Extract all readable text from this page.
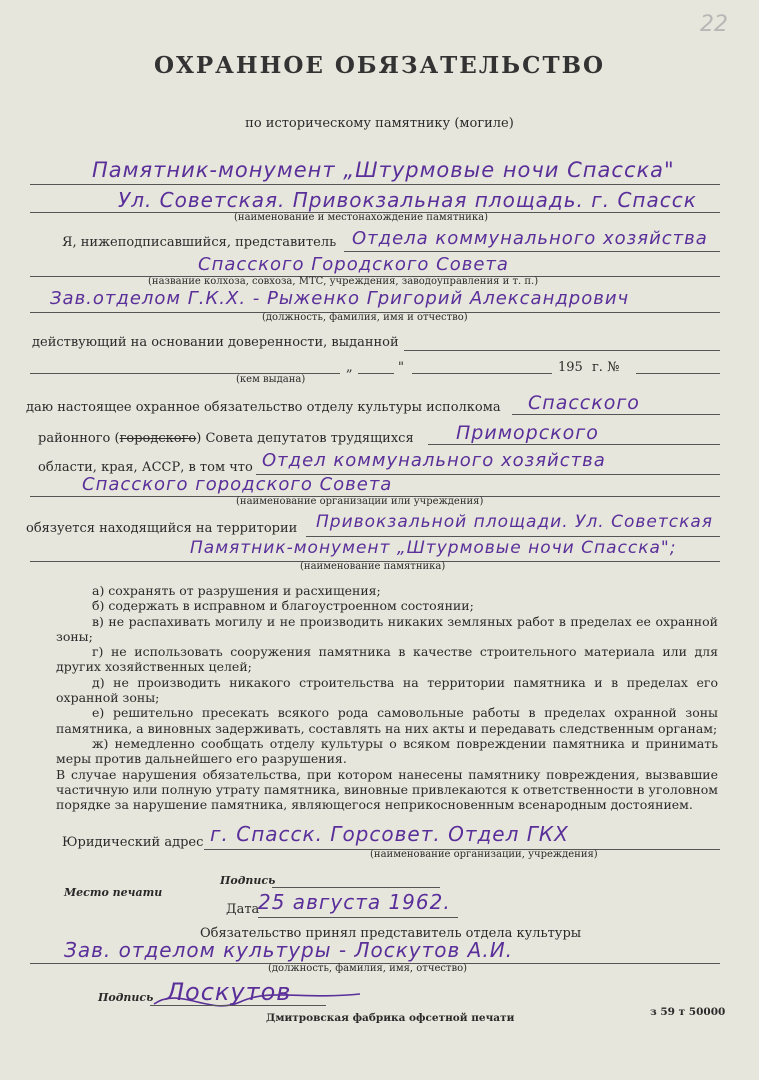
22
ОХРАННОЕ ОБЯЗАТЕЛЬСТВО
по историческому памятнику (могиле)
Памятник-монумент „Штурмовые ночи Спасска"
Ул. Советская. Привокзальная площадь. г. Спасск
(наименование и местонахождение памятника)
Я, нижеподписавшийся, представитель Отдела коммунального хозяйства
Спасского Городского Совета
(название колхоза, совхоза, МТС, учреждения, заводоуправления и т. п.)
Зав.отделом Г.К.Х. - Рыженко Григорий Александрович
(должность, фамилия, имя и отчество)
действующий на основании доверенности, выданной
„	"	195 г. №
(кем выдана)
даю настоящее охранное обязательство отделу культуры исполкома Спасского
районного (городского) Совета депутатов трудящихся Приморского
области, края, АССР, в том что Отдел коммунального хозяйства
Спасского городского Совета
(наименование организации или учреждения)
обязуется находящийся на территории Привокзальной площади. Ул. Советская
Памятник-монумент „Штурмовые ночи Спасска";
(наименование памятника)

а) сохранять от разрушения и расхищения;

б) содержать в исправном и благоустроенном состоянии;

в) не распахивать могилу и не производить никаких земляных работ в пределах ее охранной зоны;

г) не использовать сооружения памятника в качестве строительного материала или для других хозяйственных целей;

д) не производить никакого строительства на территории памятника и в пределах его охранной зоны;

е) решительно пресекать всякого рода самовольные работы в пределах охранной зоны памятника, а виновных задерживать, составлять на них акты и передавать следственным органам;

ж) немедленно сообщать отделу культуры о всяком повреждении памятника и принимать меры против дальнейшего его разрушения.

В случае нарушения обязательства, при котором нанесены памятнику повреждения, вызвавшие частичную или полную утрату памятника, виновные привлекаются к ответственности в уголовном порядке за нарушение памятника, являющегося неприкосновенным всенародным достоянием.

Юридический адрес г. Спасск. Горсовет. Отдел ГКХ
(наименование организации, учреждения)
Место печати
Подпись
Дата
25 августа 1962.
Обязательство принял представитель отдела культуры
Зав. отделом культуры - Лоскутов А.И.
(должность, фамилия, имя, отчество)
Подпись Лоскутов
Дмитровская фабрика офсетной печати	з 59 т 50000
